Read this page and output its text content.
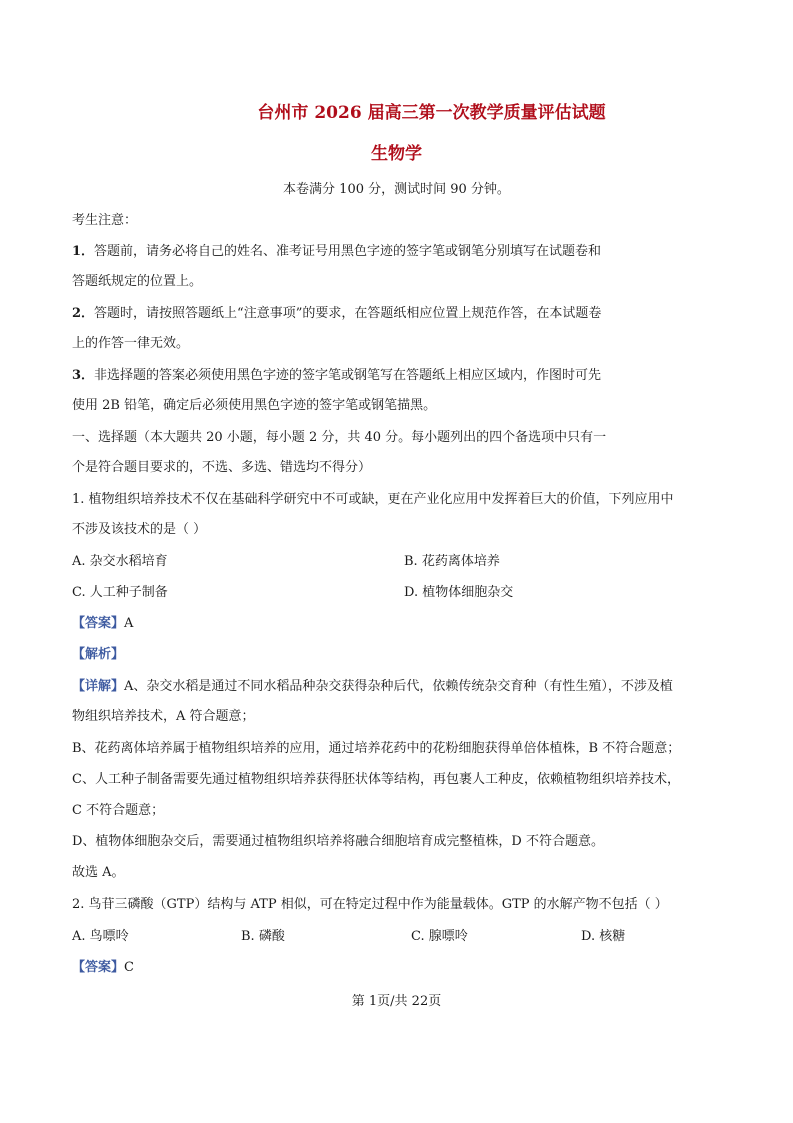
台州市 2026 届高三第一次教学质量评估试题
生物学
本卷满分 100 分，测试时间 90 分钟。
考生注意：
1．答题前，请务必将自己的姓名、准考证号用黑色字迹的签字笔或钢笔分别填写在试题卷和
答题纸规定的位置上。
2．答题时，请按照答题纸上“注意事项”的要求，在答题纸相应位置上规范作答，在本试题卷
上的作答一律无效。
3．非选择题的答案必须使用黑色字迹的签字笔或钢笔写在答题纸上相应区域内，作图时可先
使用 2B 铅笔，确定后必须使用黑色字迹的签字笔或钢笔描黑。
一、选择题（本大题共 20 小题，每小题 2 分，共 40 分。每小题列出的四个备选项中只有一
个是符合题目要求的，不选、多选、错选均不得分）
1. 植物组织培养技术不仅在基础科学研究中不可或缺，更在产业化应用中发挥着巨大的价值，下列应用中
不涉及该技术的是（ ）
A. 杂交水稻培育	B. 花药离体培养
C. 人工种子制备	D. 植物体细胞杂交
【答案】A
【解析】
【详解】A、杂交水稻是通过不同水稻品种杂交获得杂种后代，依赖传统杂交育种（有性生殖），不涉及植
物组织培养技术，A 符合题意；
B、花药离体培养属于植物组织培养的应用，通过培养花药中的花粉细胞获得单倍体植株，B 不符合题意；
C、人工种子制备需要先通过植物组织培养获得胚状体等结构，再包裹人工种皮，依赖植物组织培养技术，
C 不符合题意；
D、植物体细胞杂交后，需要通过植物组织培养将融合细胞培育成完整植株，D 不符合题意。
故选 A。
2. 鸟苷三磷酸（GTP）结构与 ATP 相似，可在特定过程中作为能量载体。GTP 的水解产物不包括（ ）
A. 鸟嘌呤	B. 磷酸	C. 腺嘌呤	D. 核糖
【答案】C
第 1页/共 22页
